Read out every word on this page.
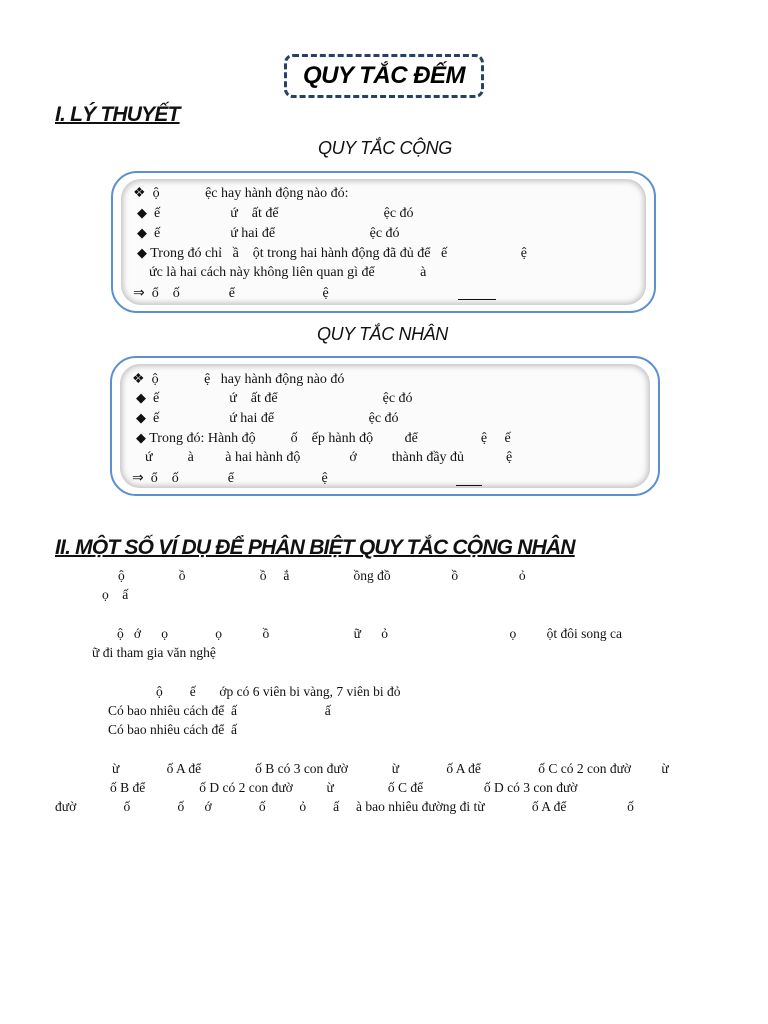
QUY TẮC ĐẾM
I. LÝ THUYẾT
QUY TẮC CỘNG
❖ ộ             ệc hay hành động nào đó:
◆ ế                    ứ    ất để                              ệc đó
◆ ế                    ứ hai để                           ệc đó
◆ Trong đó chỉ   ầ    ột trong hai hành động đã đủ để   ế                     ệ
ức là hai cách này không liên quan gì để             à
⇒ ổ    ố              ể                         ệ
QUY TẮC NHÂN
❖ ộ             ệ   hay hành động nào đó
◆ ế                    ứ    ất để                              ệc đó
◆ ế                    ứ hai để                           ệc đó
◆ Trong đó: Hành độ          ố    ếp hành độ         để                  ệ     ế
ứ          à         à hai hành độ              ớ          thành đầy đủ            ệ
⇒ ổ    ố              ể                         ệ
II. MỘT SỐ VÍ DỤ ĐỂ PHÂN BIỆT QUY TẮC CỘNG NHÂN
ộ                ồ                      ồ     ắ                   ồng đồ                  ồ                  ỏ
ọ    ấ
ộ   ớ      ọ              ọ            ồ                         ữ      ỏ                                    ọ         ột đôi song ca
ữ đi tham gia văn nghệ
ộ        ế       ớp có 6 viên bi vàng, 7 viên bi đỏ
Có bao nhiêu cách để  ấ                          ấ
Có bao nhiêu cách để  ấ
ừ              ố A để                ố B có 3 con đườ             ừ              ố A để                 ố C có 2 con đườ         ừ
ố B để                ố D có 2 con đườ          ừ                ố C để                  ố D có 3 con đườ
đườ              ố              ố      ớ              ố          ỏ        ấ     à bao nhiêu đường đi từ              ố A để                  ố
